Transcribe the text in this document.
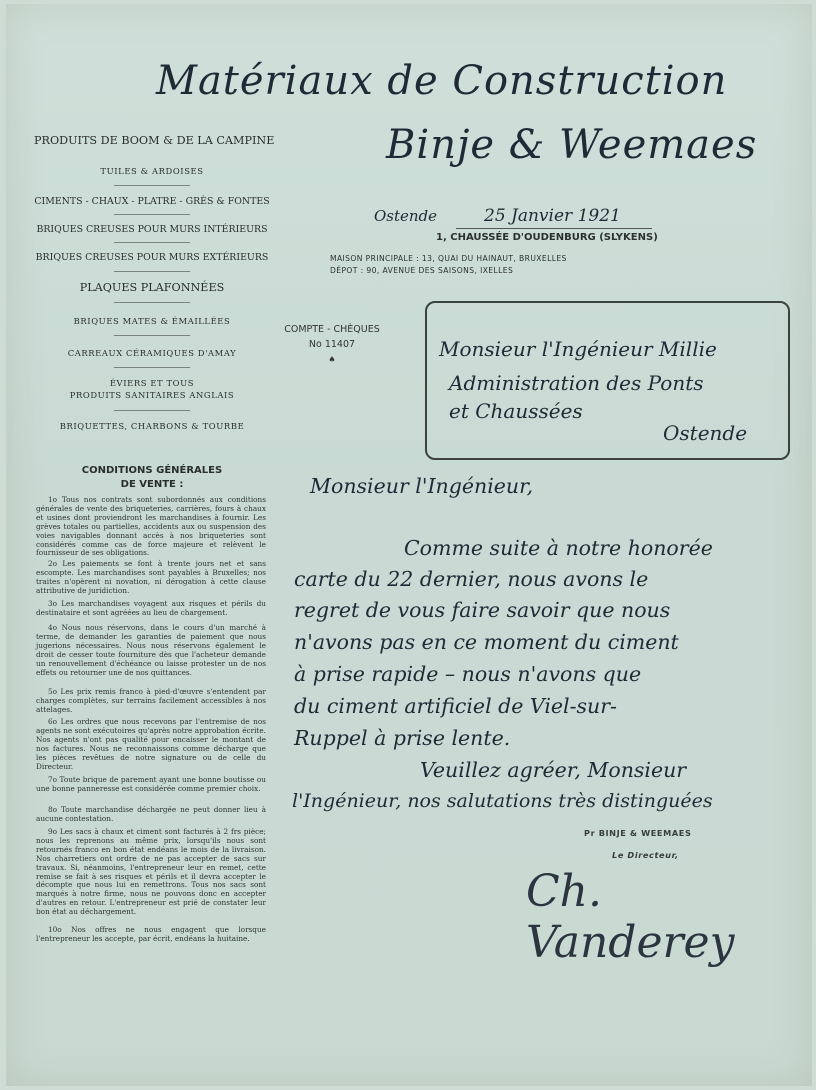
Matériaux de Construction
Binje & Weemaes
PRODUITS DE BOOM & DE LA CAMPINE
TUILES & ARDOISES
CIMENTS - CHAUX - PLATRE - GRÈS & FONTES
BRIQUES CREUSES POUR MURS INTÉRIEURS
BRIQUES CREUSES POUR MURS EXTÉRIEURS
PLAQUES PLAFONNÉES
BRIQUES MATES & ÉMAILLÉES
CARREAUX CÉRAMIQUES D'AMAY
ÉVIERS ET TOUS
PRODUITS SANITAIRES ANGLAIS
BRIQUETTES, CHARBONS & TOURBE
CONDITIONS GÉNÉRALES
DE VENTE :
1o Tous nos contrats sont subordonnés aux conditions générales de vente des briqueteries, carrières, fours à chaux et usines dont proviendront les marchandises à fournir. Les grèves totales ou partielles, accidents aux ou suspension des voies navigables donnant accès à nos briqueteries sont considérés comme cas de force majeure et relèvent le fournisseur de ses obligations.
2o Les paiements se font à trente jours net et sans escompte. Les marchandises sont payables à Bruxelles; nos traites n'opèrent ni novation, ni dérogation à cette clause attributive de juridiction.
3o Les marchandises voyagent aux risques et périls du destinataire et sont agréées au lieu de chargement.
4o Nous nous réservons, dans le cours d'un marché à terme, de demander les garanties de paiement que nous jugerions nécessaires. Nous nous réservons également le droit de cesser toute fourniture dès que l'acheteur demande un renouvellement d'échéance ou laisse protester un de nos effets ou retourner une de nos quittances.
5o Les prix remis franco à pied-d'œuvre s'entendent par charges complètes, sur terrains facilement accessibles à nos attelages.
6o Les ordres que nous recevons par l'entremise de nos agents ne sont exécutoires qu'après notre approbation écrite. Nos agents n'ont pas qualité pour encaisser le montant de nos factures. Nous ne reconnaissons comme décharge que les pièces revêtues de notre signature ou de celle du Directeur.
7o Toute brique de parement ayant une bonne boutisse ou une bonne panneresse est considérée comme premier choix.
8o Toute marchandise déchargée ne peut donner lieu à aucune contestation.
9o Les sacs à chaux et ciment sont facturés à 2 frs pièce; nous les reprenons au même prix, lorsqu'ils nous sont retournés franco en bon état endéans le mois de la livraison. Nos charretiers ont ordre de ne pas accepter de sacs sur travaux. Si, néanmoins, l'entrepreneur leur en remet, cette remise se fait à ses risques et périls et il devra accepter le décompte que nous lui en remettrons. Tous nos sacs sont marqués à notre firme, nous ne pouvons donc en accepter d'autres en retour. L'entrepreneur est prié de constater leur bon état au déchargement.
10o Nos offres ne nous engagent que lorsque l'entrepreneur les accepte, par écrit, endéans la huitaine.
Ostende	25 Janvier 1921
1, CHAUSSÉE D'OUDENBURG (SLYKENS)
MAISON PRINCIPALE : 13, QUAI DU HAINAUT, BRUXELLES
DÉPOT : 90, AVENUE DES SAISONS, IXELLES
COMPTE - CHÈQUES
No 11407
♠	Monsieur l'Ingénieur Millie
Administration des Ponts
et Chaussées
Ostende
Monsieur l'Ingénieur,
Comme suite à notre honorée
carte du 22 dernier, nous avons le
regret de vous faire savoir que nous
n'avons pas en ce moment du ciment
à prise rapide – nous n'avons que
du ciment artificiel de Viel-sur-
Ruppel à prise lente.
Veuillez agréer, Monsieur
l'Ingénieur, nos salutations très distinguées
Pr BINJE & WEEMAES
Le Directeur,
Ch. Vanderey
